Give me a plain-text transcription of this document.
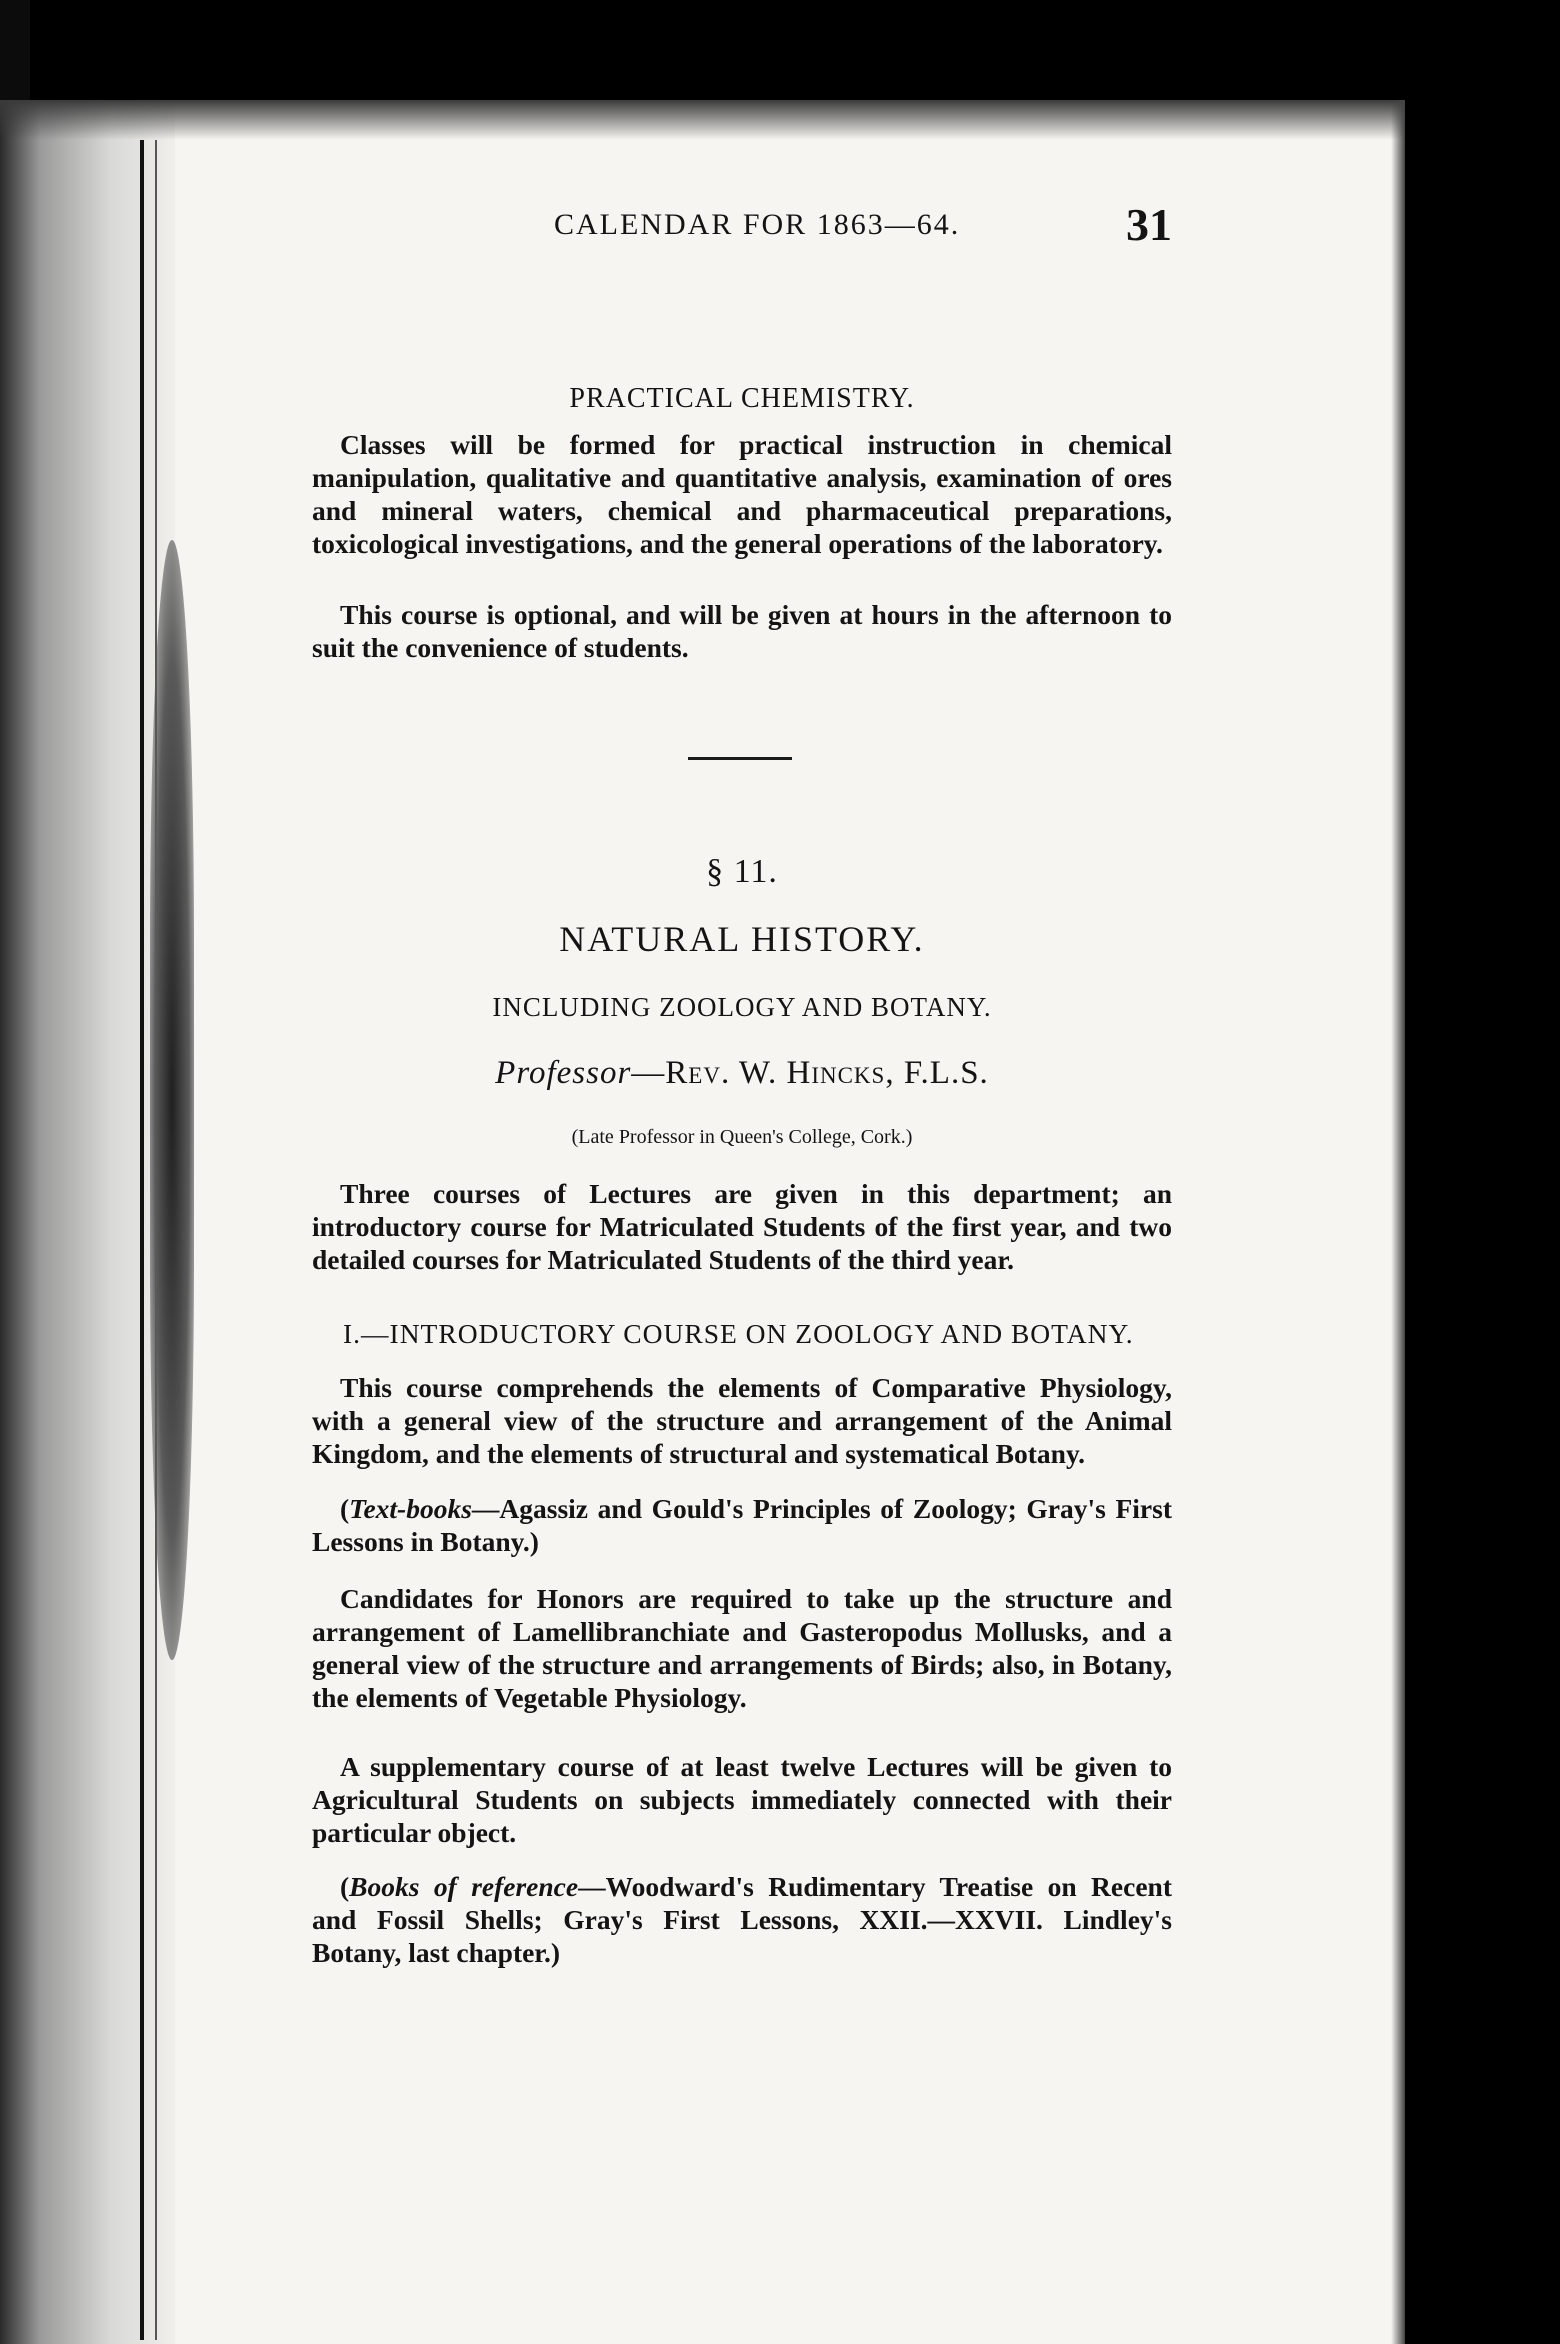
CALENDAR FOR 1863—64.	31
PRACTICAL CHEMISTRY.

Classes will be formed for practical instruction in chemical manipulation, qualitative and quantitative analysis, examination of ores and mineral waters, chemical and pharmaceutical preparations, toxicological investigations, and the general operations of the laboratory.

This course is optional, and will be given at hours in the afternoon to suit the convenience of students.

§ 11.
NATURAL HISTORY.
INCLUDING ZOOLOGY AND BOTANY.
Professor—Rev. W. Hincks, F.L.S.
(Late Professor in Queen's College, Cork.)

Three courses of Lectures are given in this department; an introductory course for Matriculated Students of the first year, and two detailed courses for Matriculated Students of the third year.

I.—INTRODUCTORY COURSE ON ZOOLOGY AND BOTANY.

This course comprehends the elements of Comparative Physiology, with a general view of the structure and arrangement of the Animal Kingdom, and the elements of structural and systematical Botany.

(Text-books—Agassiz and Gould's Principles of Zoology; Gray's First Lessons in Botany.)

Candidates for Honors are required to take up the structure and arrangement of Lamellibranchiate and Gasteropodus Mollusks, and a general view of the structure and arrangements of Birds; also, in Botany, the elements of Vegetable Physiology.

A supplementary course of at least twelve Lectures will be given to Agricultural Students on subjects immediately connected with their particular object.

(Books of reference—Woodward's Rudimentary Treatise on Recent and Fossil Shells; Gray's First Lessons, XXII.—XXVII. Lindley's Botany, last chapter.)
